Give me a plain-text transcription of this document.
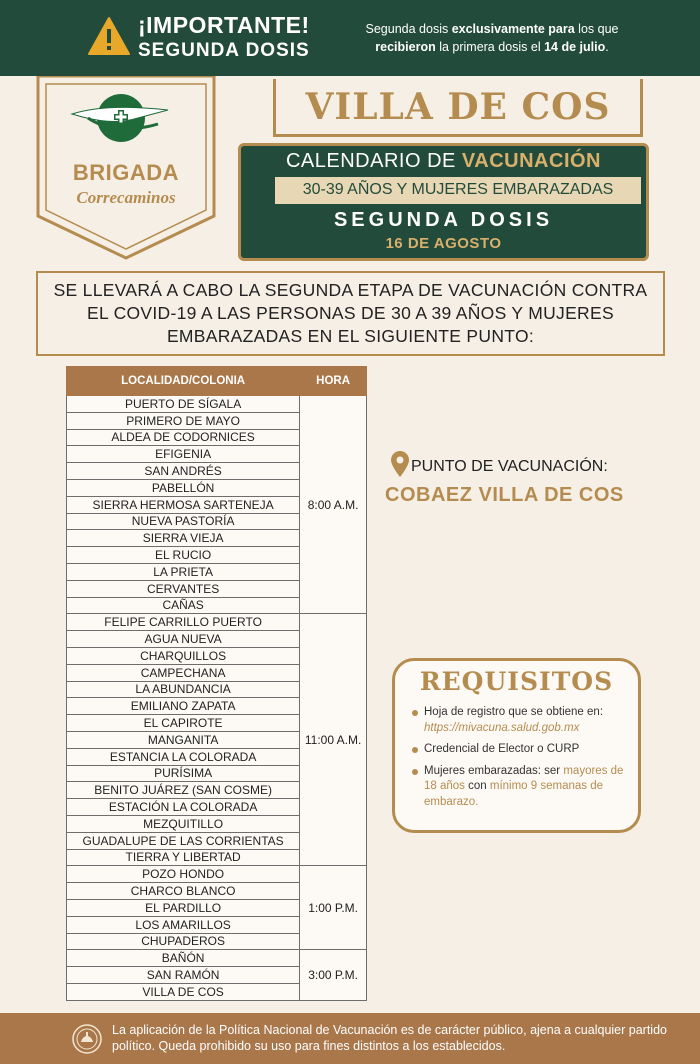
¡IMPORTANTE!
SEGUNDA DOSIS
Segunda dosis exclusivamente para los que recibieron la primera dosis el 14 de julio.
BRIGADA
Correcaminos
VILLA DE COS
CALENDARIO DE VACUNACIÓN
30-39 AÑOS Y MUJERES EMBARAZADAS
SEGUNDA DOSIS
16 DE AGOSTO
SE LLEVARÁ A CABO LA SEGUNDA ETAPA DE VACUNACIÓN CONTRA EL COVID-19 A LAS PERSONAS DE 30 A 39 AÑOS Y MUJERES EMBARAZADAS EN EL SIGUIENTE PUNTO:
LOCALIDAD/COLONIA	HORA
PUERTO DE SÍGALA	8:00 A.M.
PRIMERO DE MAYO	
ALDEA DE CODORNICES	
EFIGENIA	
SAN ANDRÉS	
PABELLÓN	
SIERRA HERMOSA SARTENEJA	
NUEVA PASTORÍA	
SIERRA VIEJA	
EL RUCIO	
LA PRIETA	
CERVANTES	
CAÑAS	
FELIPE CARRILLO PUERTO	11:00 A.M.
AGUA NUEVA	
CHARQUILLOS	
CAMPECHANA	
LA ABUNDANCIA	
EMILIANO ZAPATA	
EL CAPIROTE	
MANGANITA	
ESTANCIA LA COLORADA	
PURÍSIMA	
BENITO JUÁREZ (SAN COSME)	
ESTACIÓN LA COLORADA	
MEZQUITILLO	
GUADALUPE DE LAS CORRIENTAS	
TIERRA Y LIBERTAD	
POZO HONDO	1:00 P.M.
CHARCO BLANCO	
EL PARDILLO	
LOS AMARILLOS	
CHUPADEROS	
BAÑÓN	3:00 P.M.
SAN RAMÓN	
VILLA DE COS	
PUNTO DE VACUNACIÓN:
COBAEZ VILLA DE COS
REQUISITOS
Hoja de registro que se obtiene en: https://mivacuna.salud.gob.mx
Credencial de Elector o CURP
Mujeres embarazadas: ser mayores de 18 años con mínimo 9 semanas de embarazo.
La aplicación de la Política Nacional de Vacunación es de carácter público, ajena a cualquier partido político. Queda prohibido su uso para fines distintos a los establecidos.
